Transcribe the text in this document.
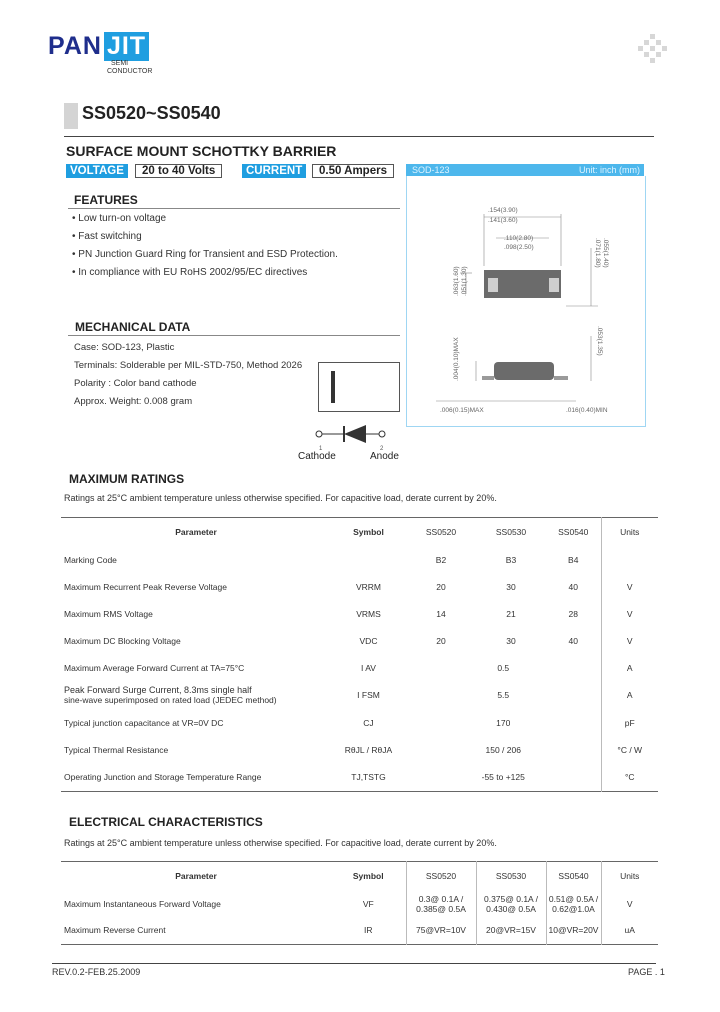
PAN JIT
SEMI
CONDUCTOR
SS0520~SS0540
SURFACE MOUNT SCHOTTKY BARRIER
VOLTAGE	20 to 40 Volts	CURRENT	0.50 Ampers	SOD-123	Unit: inch (mm)
.154(3.90)
.141(3.60)
.110(2.80)
.098(2.50)	.071(1.80) .055(1.40)
.063(1.60) .051(1.30)
.053(1.35)
.004(0.10)MAX
.006(0.15)MAX	.016(0.40)MIN
FEATURES
• Low turn-on voltage
• Fast switching
• PN Junction Guard Ring for Transient and ESD Protection.
• In compliance with EU RoHS 2002/95/EC directives
MECHANICAL DATA
Case: SOD-123, Plastic
Terminals: Solderable per MIL-STD-750, Method 2026
Polarity : Color band cathode
Approx. Weight: 0.008 gram
1	2
Cathode	Anode
MAXIMUM RATINGS
Ratings at 25°C ambient temperature unless otherwise specified. For capacitive load, derate current by 20%.
Parameter	Symbol	SS0520	SS0530	SS0540	Units

Marking Code		B2	B3	B4	

Maximum Recurrent Peak Reverse Voltage	VRRM	20	30	40	V

Maximum RMS Voltage	VRMS	14	21	28	V

Maximum DC Blocking Voltage	VDC	20	30	40	V

Maximum Average Forward Current at TA=75°C	I AV	0.5			A

Peak Forward Surge Current, 8.3ms single half
sine-wave superimposed on rated load (JEDEC method)	I FSM	5.5			A

Typical junction capacitance at VR=0V DC	CJ	170			pF

Typical Thermal Resistance	RθJL / RθJA	150 / 206			°C / W

Operating Junction and Storage Temperature Range	TJ,TSTG	-55 to +125			°C
ELECTRICAL CHARACTERISTICS
Ratings at 25°C ambient temperature unless otherwise specified. For capacitive load, derate current by 20%.
Parameter	Symbol	SS0520	SS0530	SS0540	Units
Maximum Instantaneous Forward Voltage	VF	0.3@ 0.1A / 0.385@ 0.5A	0.375@ 0.1A / 0.430@ 0.5A	0.51@ 0.5A / 0.62@1.0A	V
Maximum Reverse Current	IR	75@VR=10V	20@VR=15V	10@VR=20V	uA
REV.0.2-FEB.25.2009	PAGE . 1
